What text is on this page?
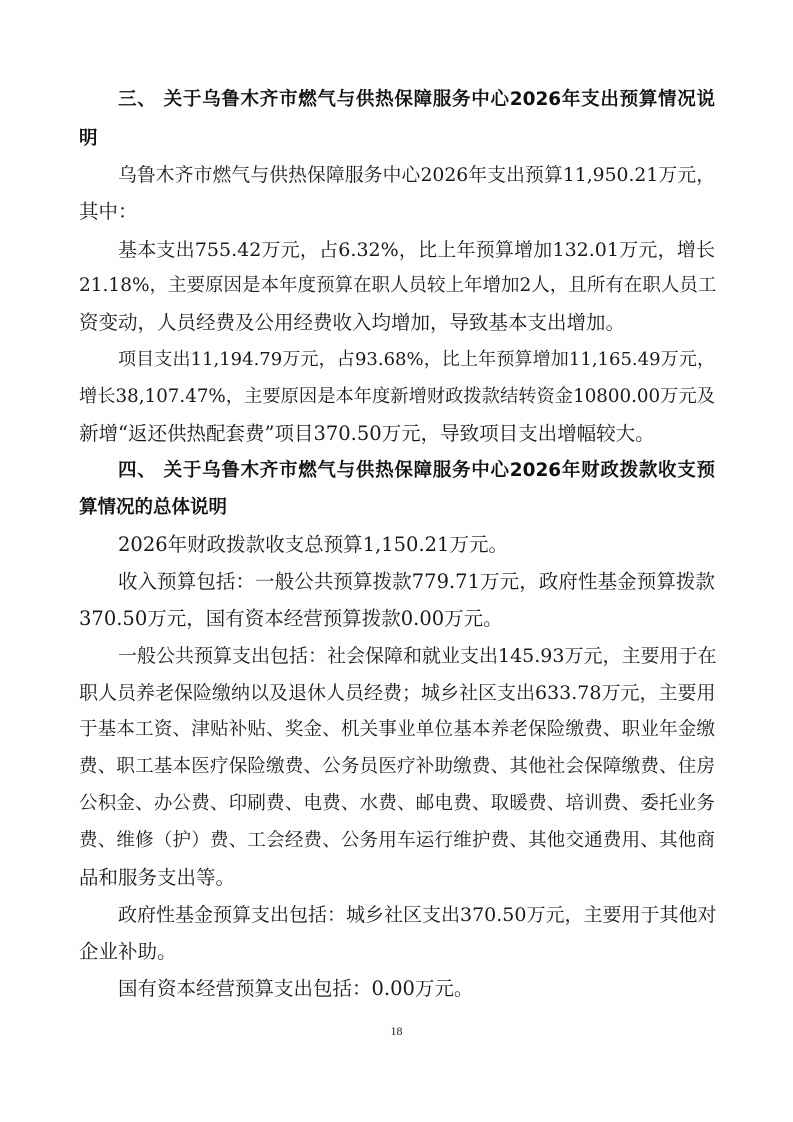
三、 关于乌鲁木齐市燃气与供热保障服务中心2026年支出预算情况说
明
乌鲁木齐市燃气与供热保障服务中心2026年支出预算11,950.21万元，
其中：
基本支出755.42万元，占6.32%，比上年预算增加132.01万元，增长
21.18%，主要原因是本年度预算在职人员较上年增加2人，且所有在职人员工
资变动，人员经费及公用经费收入均增加，导致基本支出增加。
项目支出11,194.79万元，占93.68%，比上年预算增加11,165.49万元，
增长38,107.47%，主要原因是本年度新增财政拨款结转资金10800.00万元及
新增“返还供热配套费”项目370.50万元，导致项目支出增幅较大。
四、 关于乌鲁木齐市燃气与供热保障服务中心2026年财政拨款收支预
算情况的总体说明
2026年财政拨款收支总预算1,150.21万元。
收入预算包括：一般公共预算拨款779.71万元，政府性基金预算拨款
370.50万元，国有资本经营预算拨款0.00万元。
一般公共预算支出包括：社会保障和就业支出145.93万元，主要用于在
职人员养老保险缴纳以及退休人员经费；城乡社区支出633.78万元，主要用
于基本工资、津贴补贴、奖金、机关事业单位基本养老保险缴费、职业年金缴
费、职工基本医疗保险缴费、公务员医疗补助缴费、其他社会保障缴费、住房
公积金、办公费、印刷费、电费、水费、邮电费、取暖费、培训费、委托业务
费、维修（护）费、工会经费、公务用车运行维护费、其他交通费用、其他商
品和服务支出等。
政府性基金预算支出包括：城乡社区支出370.50万元，主要用于其他对
企业补助。
国有资本经营预算支出包括：0.00万元。
18
